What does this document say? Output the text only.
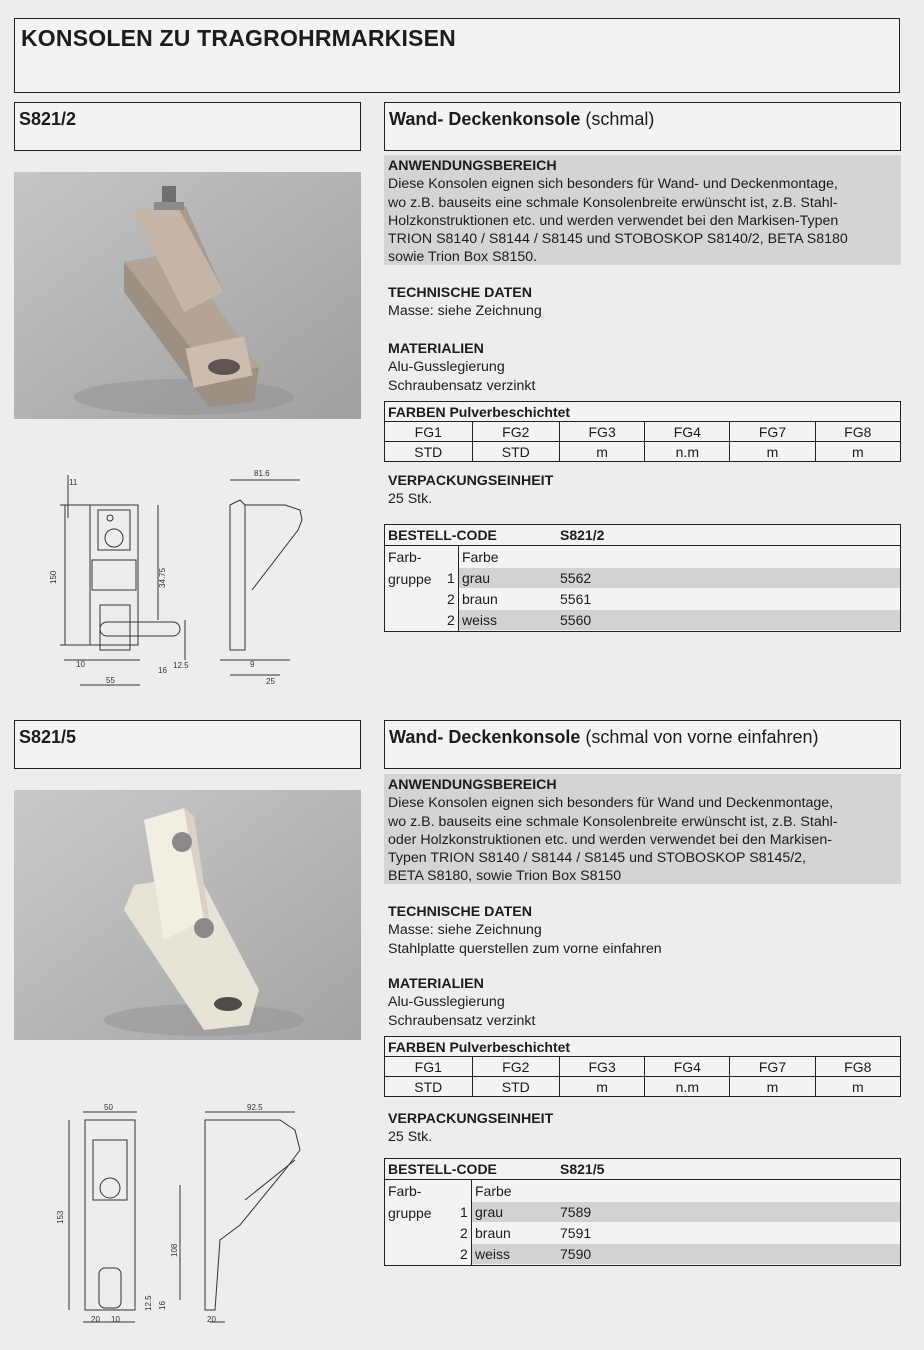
KONSOLEN ZU TRAGROHRMARKISEN
S821/2	Wand- Deckenkonsole (schmal)
11
150	34.75
10
55
16
12.5
81.6
9
25
ANWENDUNGSBEREICH
Diese Konsolen eignen sich besonders für Wand- und Deckenmontage,
wo z.B. bauseits eine schmale Konsolenbreite erwünscht ist, z.B. Stahl-
Holzkonstruktionen etc. und werden verwendet bei den Markisen-Typen
TRION S8140 / S8144 / S8145 und STOBOSKOP S8140/2, BETA S8180
sowie Trion Box S8150.
TECHNISCHE DATEN
Masse: siehe Zeichnung
MATERIALIEN
Alu-Gusslegierung
Schraubensatz verzinkt
FARBEN Pulverbeschichtet					
FG1	FG2	FG3	FG4	FG7	FG8
STD	STD	m	n.m	m	m
VERPACKUNGSEINHEIT
25 Stk.
BESTELL-CODE	S821/2
Farb-
gruppe
Farbe
1 grau	5562
2 braun	5561
2 weiss	5560
S821/5	Wand- Deckenkonsole (schmal von vorne einfahren)
50
153
108
12.5 16
20 10
92.5
20
ANWENDUNGSBEREICH
Diese Konsolen eignen sich besonders für Wand und Deckenmontage,
wo z.B. bauseits eine schmale Konsolenbreite erwünscht ist, z.B. Stahl-
oder Holzkonstruktionen etc. und werden verwendet bei den Markisen-
Typen TRION S8140 / S8144 / S8145 und STOBOSKOP S8145/2,
BETA S8180, sowie Trion Box S8150
TECHNISCHE DATEN
Masse: siehe Zeichnung
Stahlplatte querstellen zum vorne einfahren
MATERIALIEN
Alu-Gusslegierung
Schraubensatz verzinkt
FARBEN Pulverbeschichtet					
FG1	FG2	FG3	FG4	FG7	FG8
STD	STD	m	n.m	m	m
VERPACKUNGSEINHEIT
25 Stk.
BESTELL-CODE	S821/5
Farb-
gruppe
Farbe
1 grau	7589
2 braun	7591
2 weiss	7590
